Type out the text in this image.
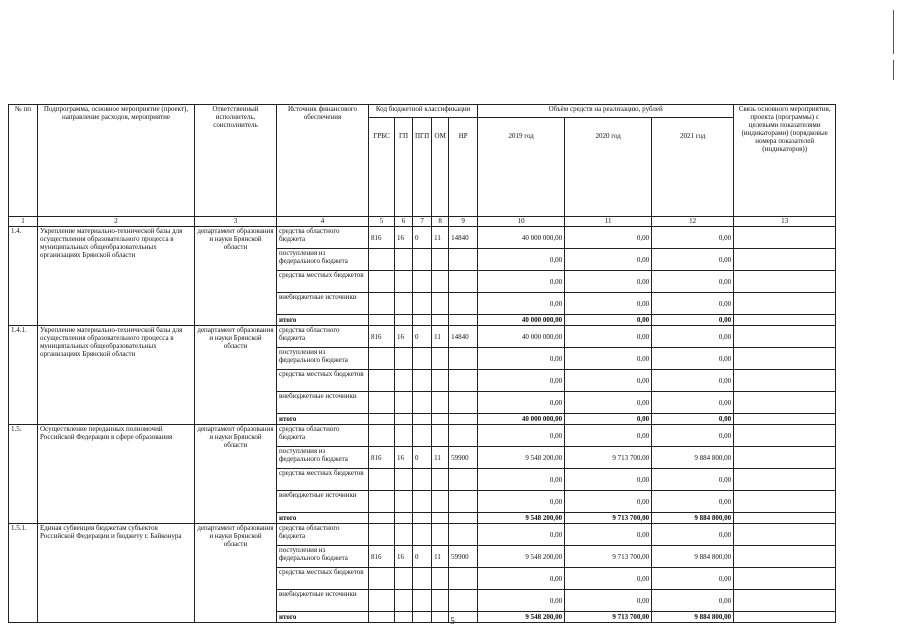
№ пп	Подпрограмма, основное мероприятие (проект), направление расходов, мероприятие	Ответственный исполнитель, соисполнитель	Источник финансового обеспечения	Код бюджетной классификации					Объём средств на реализацию, рублей			Связь основного мероприятия, проекта (программы) с целевыми показателями (индикаторами) (порядковые номера показателей (индикаторов))
				ГРБС	ГП	ПГП	ОМ	НР	2019 год	2020 год	2021 год	
1	2	3	4	5	6	7	8	9	10	11	12	13
1.4.	Укрепление материально-технической базы для осуществления образовательного процесса в муниципальных общеобразовательных организациях Брянской области	департамент образования и науки Брянской области	средства областного бюджета	816	16	0	11	14840	40 000 000,00	0,00	0,00	
			поступления из федерального бюджета						0,00	0,00	0,00	
			средства местных бюджетов						0,00	0,00	0,00	
			внебюджетные источники						0,00	0,00	0,00	
			итого						40 000 000,00	0,00	0,00	
1.4.1.	Укрепление материально-технической базы для осуществления образовательного процесса в муниципальных общеобразовательных организациях Брянской области	департамент образования и науки Брянской области	средства областного бюджета	816	16	0	11	14840	40 000 000,00	0,00	0,00	
			поступления из федерального бюджета						0,00	0,00	0,00	
			средства местных бюджетов						0,00	0,00	0,00	
			внебюджетные источники						0,00	0,00	0,00	
			итого						40 000 000,00	0,00	0,00	
1.5.	Осуществление переданных полномочий Российской Федерации в сфере образования	департамент образования и науки Брянской области	средства областного бюджета						0,00	0,00	0,00	
			поступления из федерального бюджета	816	16	0	11	59900	9 548 200,00	9 713 700,00	9 884 800,00	
			средства местных бюджетов						0,00	0,00	0,00	
			внебюджетные источники						0,00	0,00	0,00	
			итого						9 548 200,00	9 713 700,00	9 884 800,00	
1.5.1.	Единая субвенция бюджетам субъектов Российской Федерации и бюджету г. Байконура	департамент образования и науки Брянской области	средства областного бюджета						0,00	0,00	0,00	
			поступления из федерального бюджета	816	16	0	11	59900	9 548 200,00	9 713 700,00	9 884 800,00	
			средства местных бюджетов						0,00	0,00	0,00	
			внебюджетные источники						0,00	0,00	0,00	
			итого						9 548 200,00	9 713 700,00	9 884 800,00	
5
